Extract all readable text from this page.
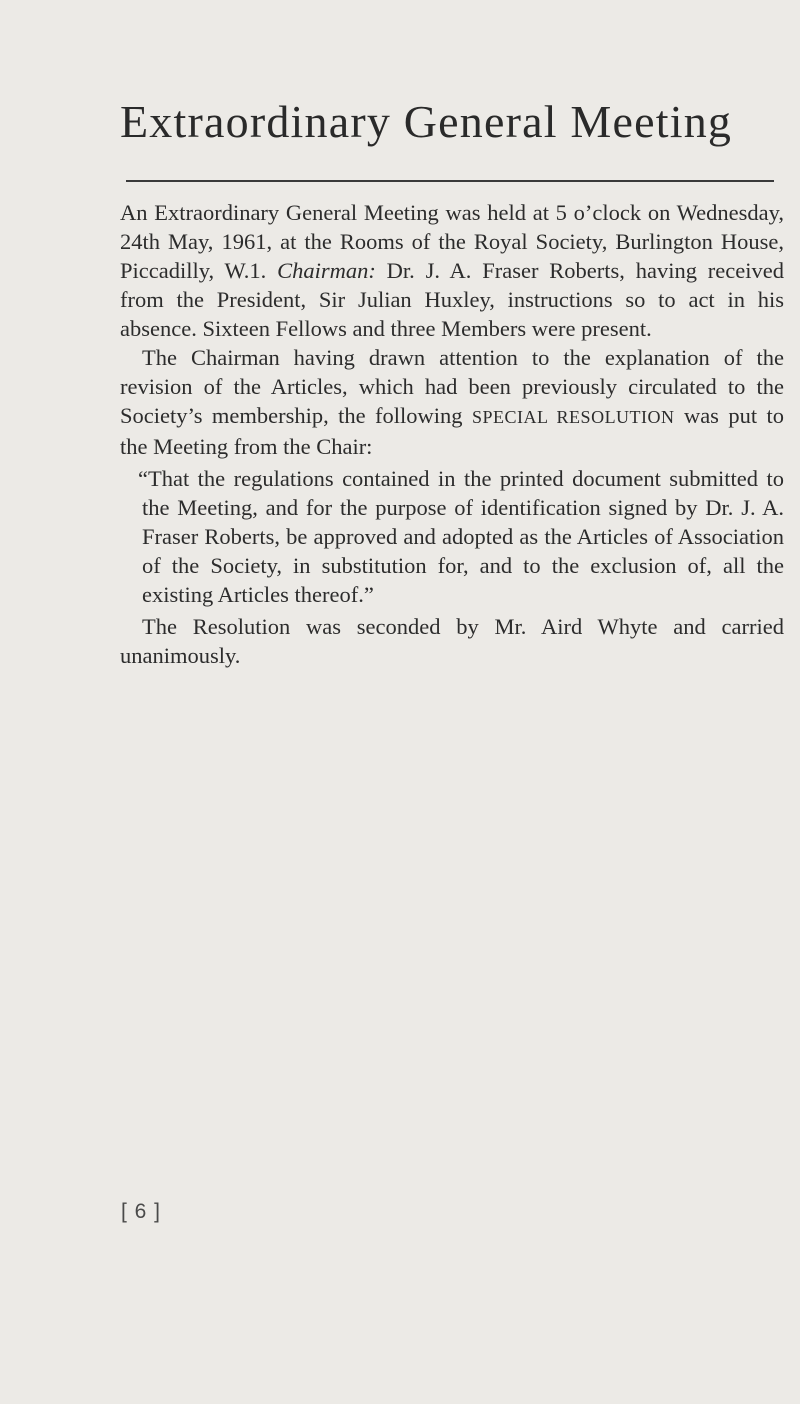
Extraordinary General Meeting

An Extraordinary General Meeting was held at 5 o’clock on Wednesday, 24th May, 1961, at the Rooms of the Royal Society, Burlington House, Piccadilly, W.1. Chairman: Dr. J. A. Fraser Roberts, having received from the President, Sir Julian Huxley, instructions so to act in his absence. Sixteen Fellows and three Members were present.

The Chairman having drawn attention to the explanation of the revision of the Articles, which had been previously circulated to the Society’s membership, the following SPECIAL RESOLUTION was put to the Meeting from the Chair:

“That the regulations contained in the printed document submitted to the Meeting, and for the purpose of identification signed by Dr. J. A. Fraser Roberts, be approved and adopted as the Articles of Association of the Society, in substitution for, and to the exclusion of, all the existing Articles thereof.”

The Resolution was seconded by Mr. Aird Whyte and carried unanimously.

[ 6 ]
